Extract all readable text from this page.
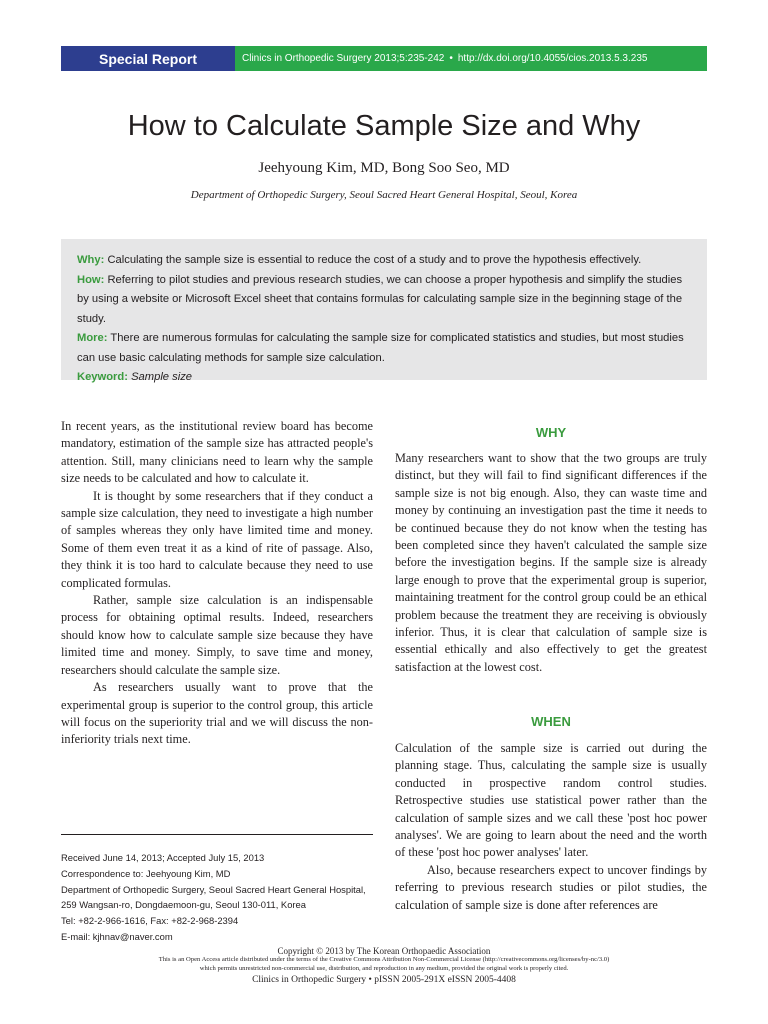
Special Report	Clinics in Orthopedic Surgery 2013;5:235-242 • http://dx.doi.org/10.4055/cios.2013.5.3.235
How to Calculate Sample Size and Why
Jeehyoung Kim, MD, Bong Soo Seo, MD
Department of Orthopedic Surgery, Seoul Sacred Heart General Hospital, Seoul, Korea

Why: Calculating the sample size is essential to reduce the cost of a study and to prove the hypothesis effectively.

How: Referring to pilot studies and previous research studies, we can choose a proper hypothesis and simplify the studies by using a website or Microsoft Excel sheet that contains formulas for calculating sample size in the beginning stage of the study.

More: There are numerous formulas for calculating the sample size for complicated statistics and studies, but most studies can use basic calculating methods for sample size calculation.

Keyword: Sample size

In recent years, as the institutional review board has become mandatory, estimation of the sample size has attracted people's attention. Still, many clinicians need to learn why the sample size needs to be calculated and how to calculate it.

It is thought by some researchers that if they conduct a sample size calculation, they need to investigate a high number of samples whereas they only have limited time and money. Some of them even treat it as a kind of rite of passage. Also, they think it is too hard to calculate because they need to use complicated formulas.

Rather, sample size calculation is an indispensable process for obtaining optimal results. Indeed, researchers should know how to calculate sample size because they have limited time and money. Simply, to save time and money, researchers should calculate the sample size.

As researchers usually want to prove that the experimental group is superior to the control group, this article will focus on the superiority trial and we will discuss the non-inferiority trials next time.

WHY

Many researchers want to show that the two groups are truly distinct, but they will fail to find significant differences if the sample size is not big enough. Also, they can waste time and money by continuing an investigation past the time it needs to be continued because they do not know when the testing has been completed since they haven't calculated the sample size before the investigation begins. If the sample size is already large enough to prove that the experimental group is superior, maintaining treatment for the control group could be an ethical problem because the treatment they are receiving is obviously inferior. Thus, it is clear that calculation of sample size is essential ethically and also effectively to get the greatest satisfaction at the lowest cost.

WHEN

Calculation of the sample size is carried out during the planning stage. Thus, calculating the sample size is usually conducted in prospective random control studies. Retrospective studies use statistical power rather than the calculation of sample sizes and we call these 'post hoc power analyses'. We are going to learn about the need and the worth of these 'post hoc power analyses' later.

Also, because researchers expect to uncover findings by referring to previous research studies or pilot studies, the calculation of sample size is done after references are

Received June 14, 2013; Accepted July 15, 2013
Correspondence to: Jeehyoung Kim, MD
Department of Orthopedic Surgery, Seoul Sacred Heart General Hospital,
259 Wangsan-ro, Dongdaemoon-gu, Seoul 130-011, Korea
Tel: +82-2-966-1616, Fax: +82-2-968-2394
E-mail: kjhnav@naver.com
Copyright © 2013 by The Korean Orthopaedic Association
This is an Open Access article distributed under the terms of the Creative Commons Attribution Non-Commercial License (http://creativecommons.org/licenses/by-nc/3.0)
which permits unrestricted non-commercial use, distribution, and reproduction in any medium, provided the original work is properly cited.
Clinics in Orthopedic Surgery • pISSN 2005-291X eISSN 2005-4408
